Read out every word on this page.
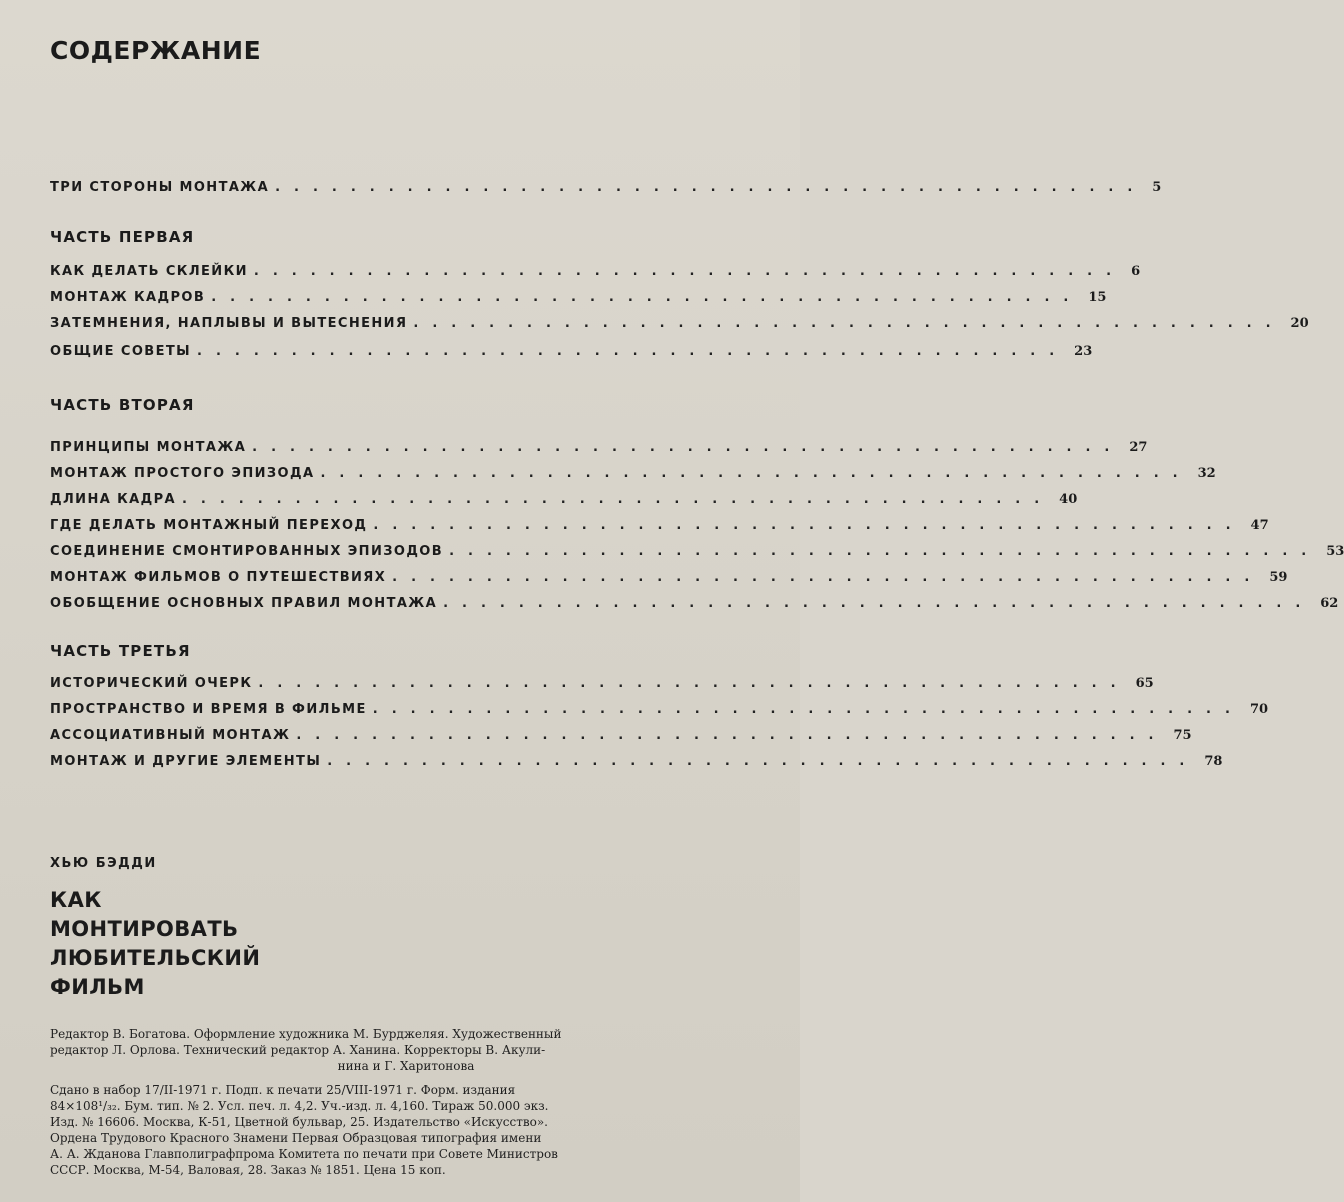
СОДЕРЖАНИЕ
ТРИ СТОРОНЫ МОНТАЖА .............................................. 5
ЧАСТЬ ПЕРВАЯ
КАК ДЕЛАТЬ СКЛЕЙКИ .............................................. 6
МОНТАЖ КАДРОВ .............................................. 15
ЗАТЕМНЕНИЯ, НАПЛЫВЫ И ВЫТЕСНЕНИЯ .............................................. 20
ОБЩИЕ СОВЕТЫ .............................................. 23
ЧАСТЬ ВТОРАЯ
ПРИНЦИПЫ МОНТАЖА .............................................. 27
МОНТАЖ ПРОСТОГО ЭПИЗОДА .............................................. 32
ДЛИНА КАДРА .............................................. 40
ГДЕ ДЕЛАТЬ МОНТАЖНЫЙ ПЕРЕХОД .............................................. 47
СОЕДИНЕНИЕ СМОНТИРОВАННЫХ ЭПИЗОДОВ .............................................. 53
МОНТАЖ ФИЛЬМОВ О ПУТЕШЕСТВИЯХ .............................................. 59
ОБОБЩЕНИЕ ОСНОВНЫХ ПРАВИЛ МОНТАЖА .............................................. 62
ЧАСТЬ ТРЕТЬЯ
ИСТОРИЧЕСКИЙ ОЧЕРК .............................................. 65
ПРОСТРАНСТВО И ВРЕМЯ В ФИЛЬМЕ .............................................. 70
АССОЦИАТИВНЫЙ МОНТАЖ .............................................. 75
МОНТАЖ И ДРУГИЕ ЭЛЕМЕНТЫ .............................................. 78
ХЬЮ БЭДДИ
КАК
МОНТИРОВАТЬ
ЛЮБИТЕЛЬСКИЙ
ФИЛЬМ
Редактор В. Богатова. Оформление художника М. Бурджеляя. Художественный
редактор Л. Орлова. Технический редактор А. Ханина. Корректоры В. Акули-
нина и Г. Харитонова
Сдано в набор 17/II-1971 г. Подп. к печати 25/VIII-1971 г. Форм. издания
84×108¹/₃₂. Бум. тип. № 2. Усл. печ. л. 4,2. Уч.-изд. л. 4,160. Тираж 50.000 экз.
Изд. № 16606. Москва, К-51, Цветной бульвар, 25. Издательство «Искусство».
Ордена Трудового Красного Знамени Первая Образцовая типография имени
А. А. Жданова Главполиграфпрома Комитета по печати при Совете Министров
СССР. Москва, М-54, Валовая, 28. Заказ № 1851. Цена 15 коп.
